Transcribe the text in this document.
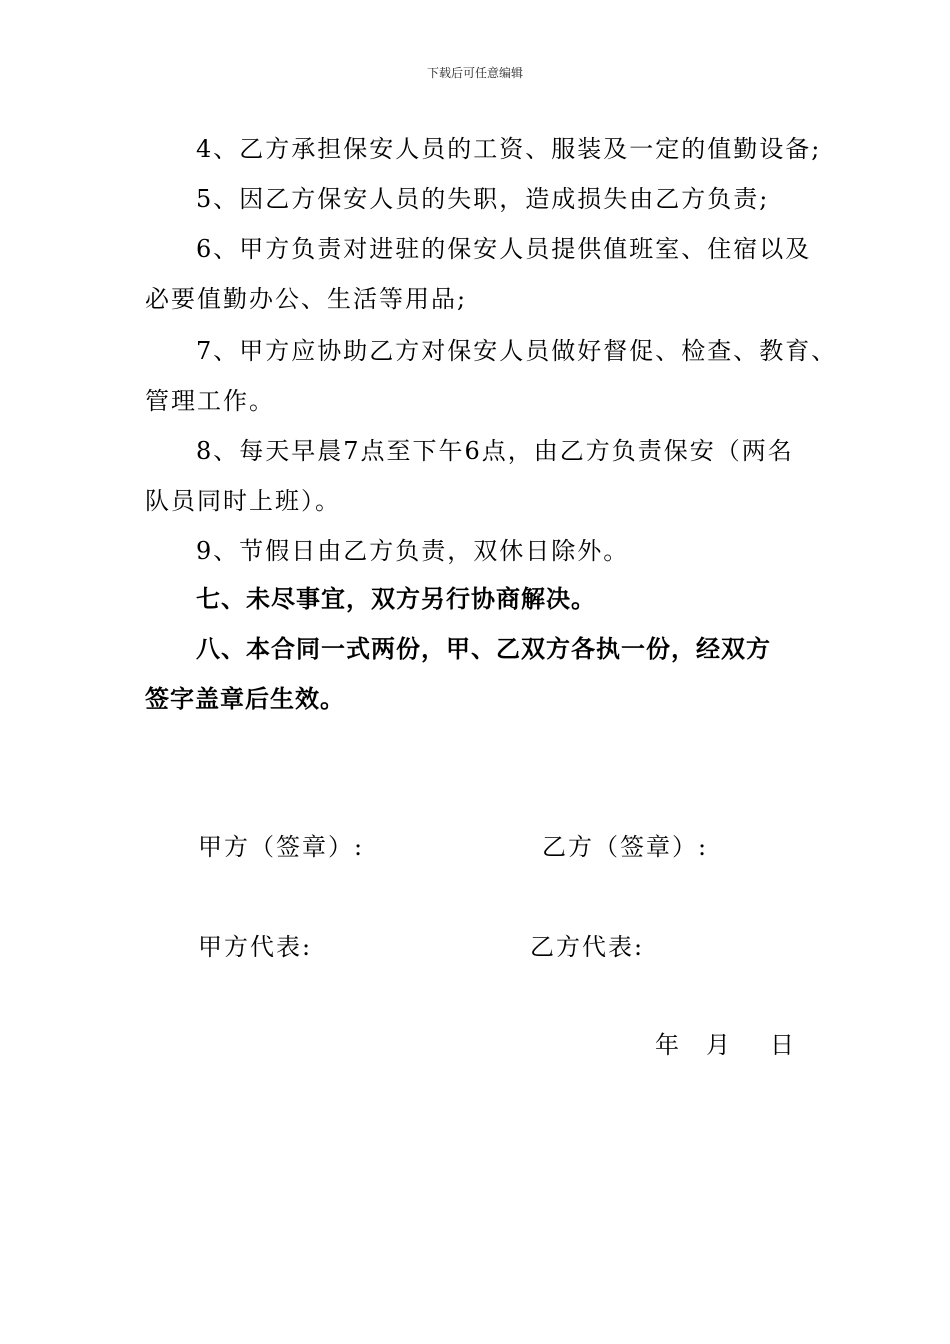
下载后可任意编辑
4、乙方承担保安人员的工资、服装及一定的值勤设备;
5、因乙方保安人员的失职，造成损失由乙方负责;
6、甲方负责对进驻的保安人员提供值班室、住宿以及
必要值勤办公、生活等用品;
7、甲方应协助乙方对保安人员做好督促、检查、教育、
管理工作。
8、每天早晨7点至下午6点，由乙方负责保安（两名
队员同时上班）。
9、节假日由乙方负责，双休日除外。
七、未尽事宜，双方另行协商解决。
八、本合同一式两份，甲、乙双方各执一份，经双方
签字盖章后生效。
甲方（签章）:	乙方（签章）:
甲方代表:	乙方代表:
年 月 日
